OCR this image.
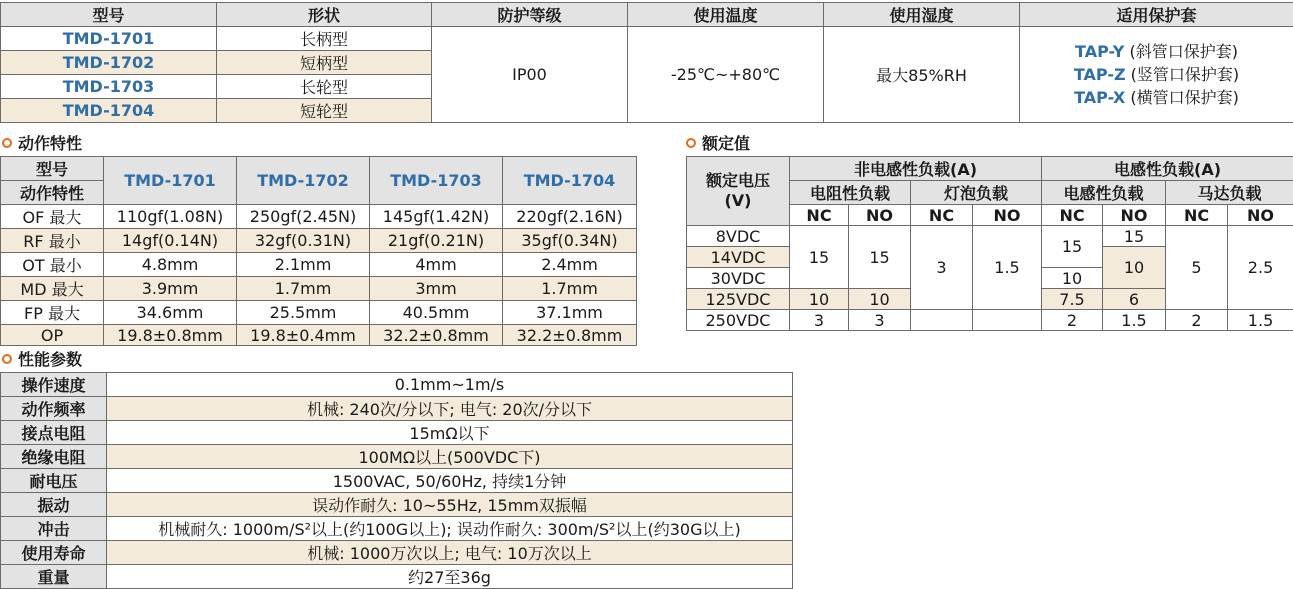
型号	形状	防护等级	使用温度	使用湿度	适用保护套
TMD-1701	长柄型	IP00	-25℃~+80℃	最大85%RH	TAP-Y (斜管口保护套)
TAP-Z (竖管口保护套)
TAP-X (横管口保护套)

TMD-1702	短柄型				
TMD-1703	长轮型				
TMD-1704	短轮型				
动作特性
型号	TMD-1701	TMD-1702	TMD-1703	TMD-1704
动作特性				
OF 最大	110gf(1.08N)	250gf(2.45N)	145gf(1.42N)	220gf(2.16N)
RF 最小	14gf(0.14N)	32gf(0.31N)	21gf(0.21N)	35gf(0.34N)
OT 最小	4.8mm	2.1mm	4mm	2.4mm
MD 最大	3.9mm	1.7mm	3mm	1.7mm
FP 最大	34.6mm	25.5mm	40.5mm	37.1mm
OP	19.8±0.8mm	19.8±0.4mm	32.2±0.8mm	32.2±0.8mm
额定值
额定电压
(V)	非电感性负载(A)				电感性负载(A)			
	电阻性负载		灯泡负载		电感性负载		马达负载	
	NC	NO	NC	NO	NC	NO	NC	NO
8VDC	15	15	3	1.5	15	15	5	2.5
14VDC						10		
30VDC					10			
125VDC	10	10			7.5	6		
250VDC	3	3			2	1.5	2	1.5
性能参数
操作速度	0.1mm~1m/s
动作频率	机械: 240次/分以下; 电气: 20次/分以下
接点电阻	15mΩ以下
绝缘电阻	100MΩ以上(500VDC下)
耐电压	1500VAC, 50/60Hz, 持续1分钟
振动	误动作耐久: 10~55Hz, 15mm双振幅
冲击	机械耐久: 1000m/S²以上(约100G以上); 误动作耐久: 300m/S²以上(约30G以上)
使用寿命	机械: 1000万次以上; 电气: 10万次以上
重量	约27至36g
